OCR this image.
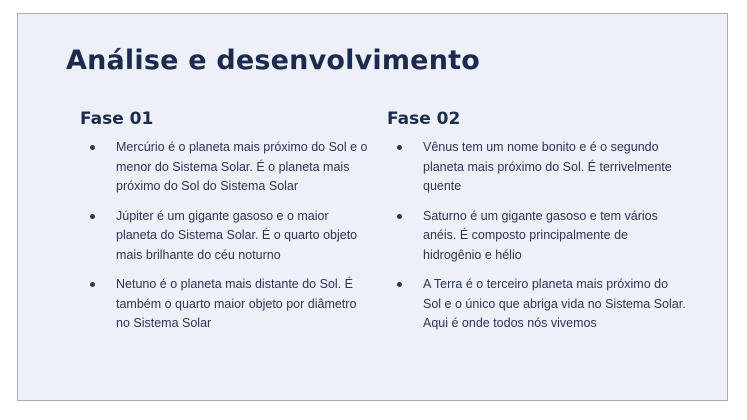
Análise e desenvolvimento
Fase 01
Mercúrio é o planeta mais próximo do Sol e o menor do Sistema Solar. É o planeta mais próximo do Sol do Sistema Solar
Júpiter é um gigante gasoso e o maior planeta do Sistema Solar. É o quarto objeto mais brilhante do céu noturno
Netuno é o planeta mais distante do Sol. É também o quarto maior objeto por diâmetro no Sistema Solar
Fase 02
Vênus tem um nome bonito e é o segundo planeta mais próximo do Sol. É terrivelmente quente
Saturno é um gigante gasoso e tem vários anéis. É composto principalmente de hidrogênio e hélio
A Terra é o terceiro planeta mais próximo do Sol e o único que abriga vida no Sistema Solar. Aqui é onde todos nós vivemos
